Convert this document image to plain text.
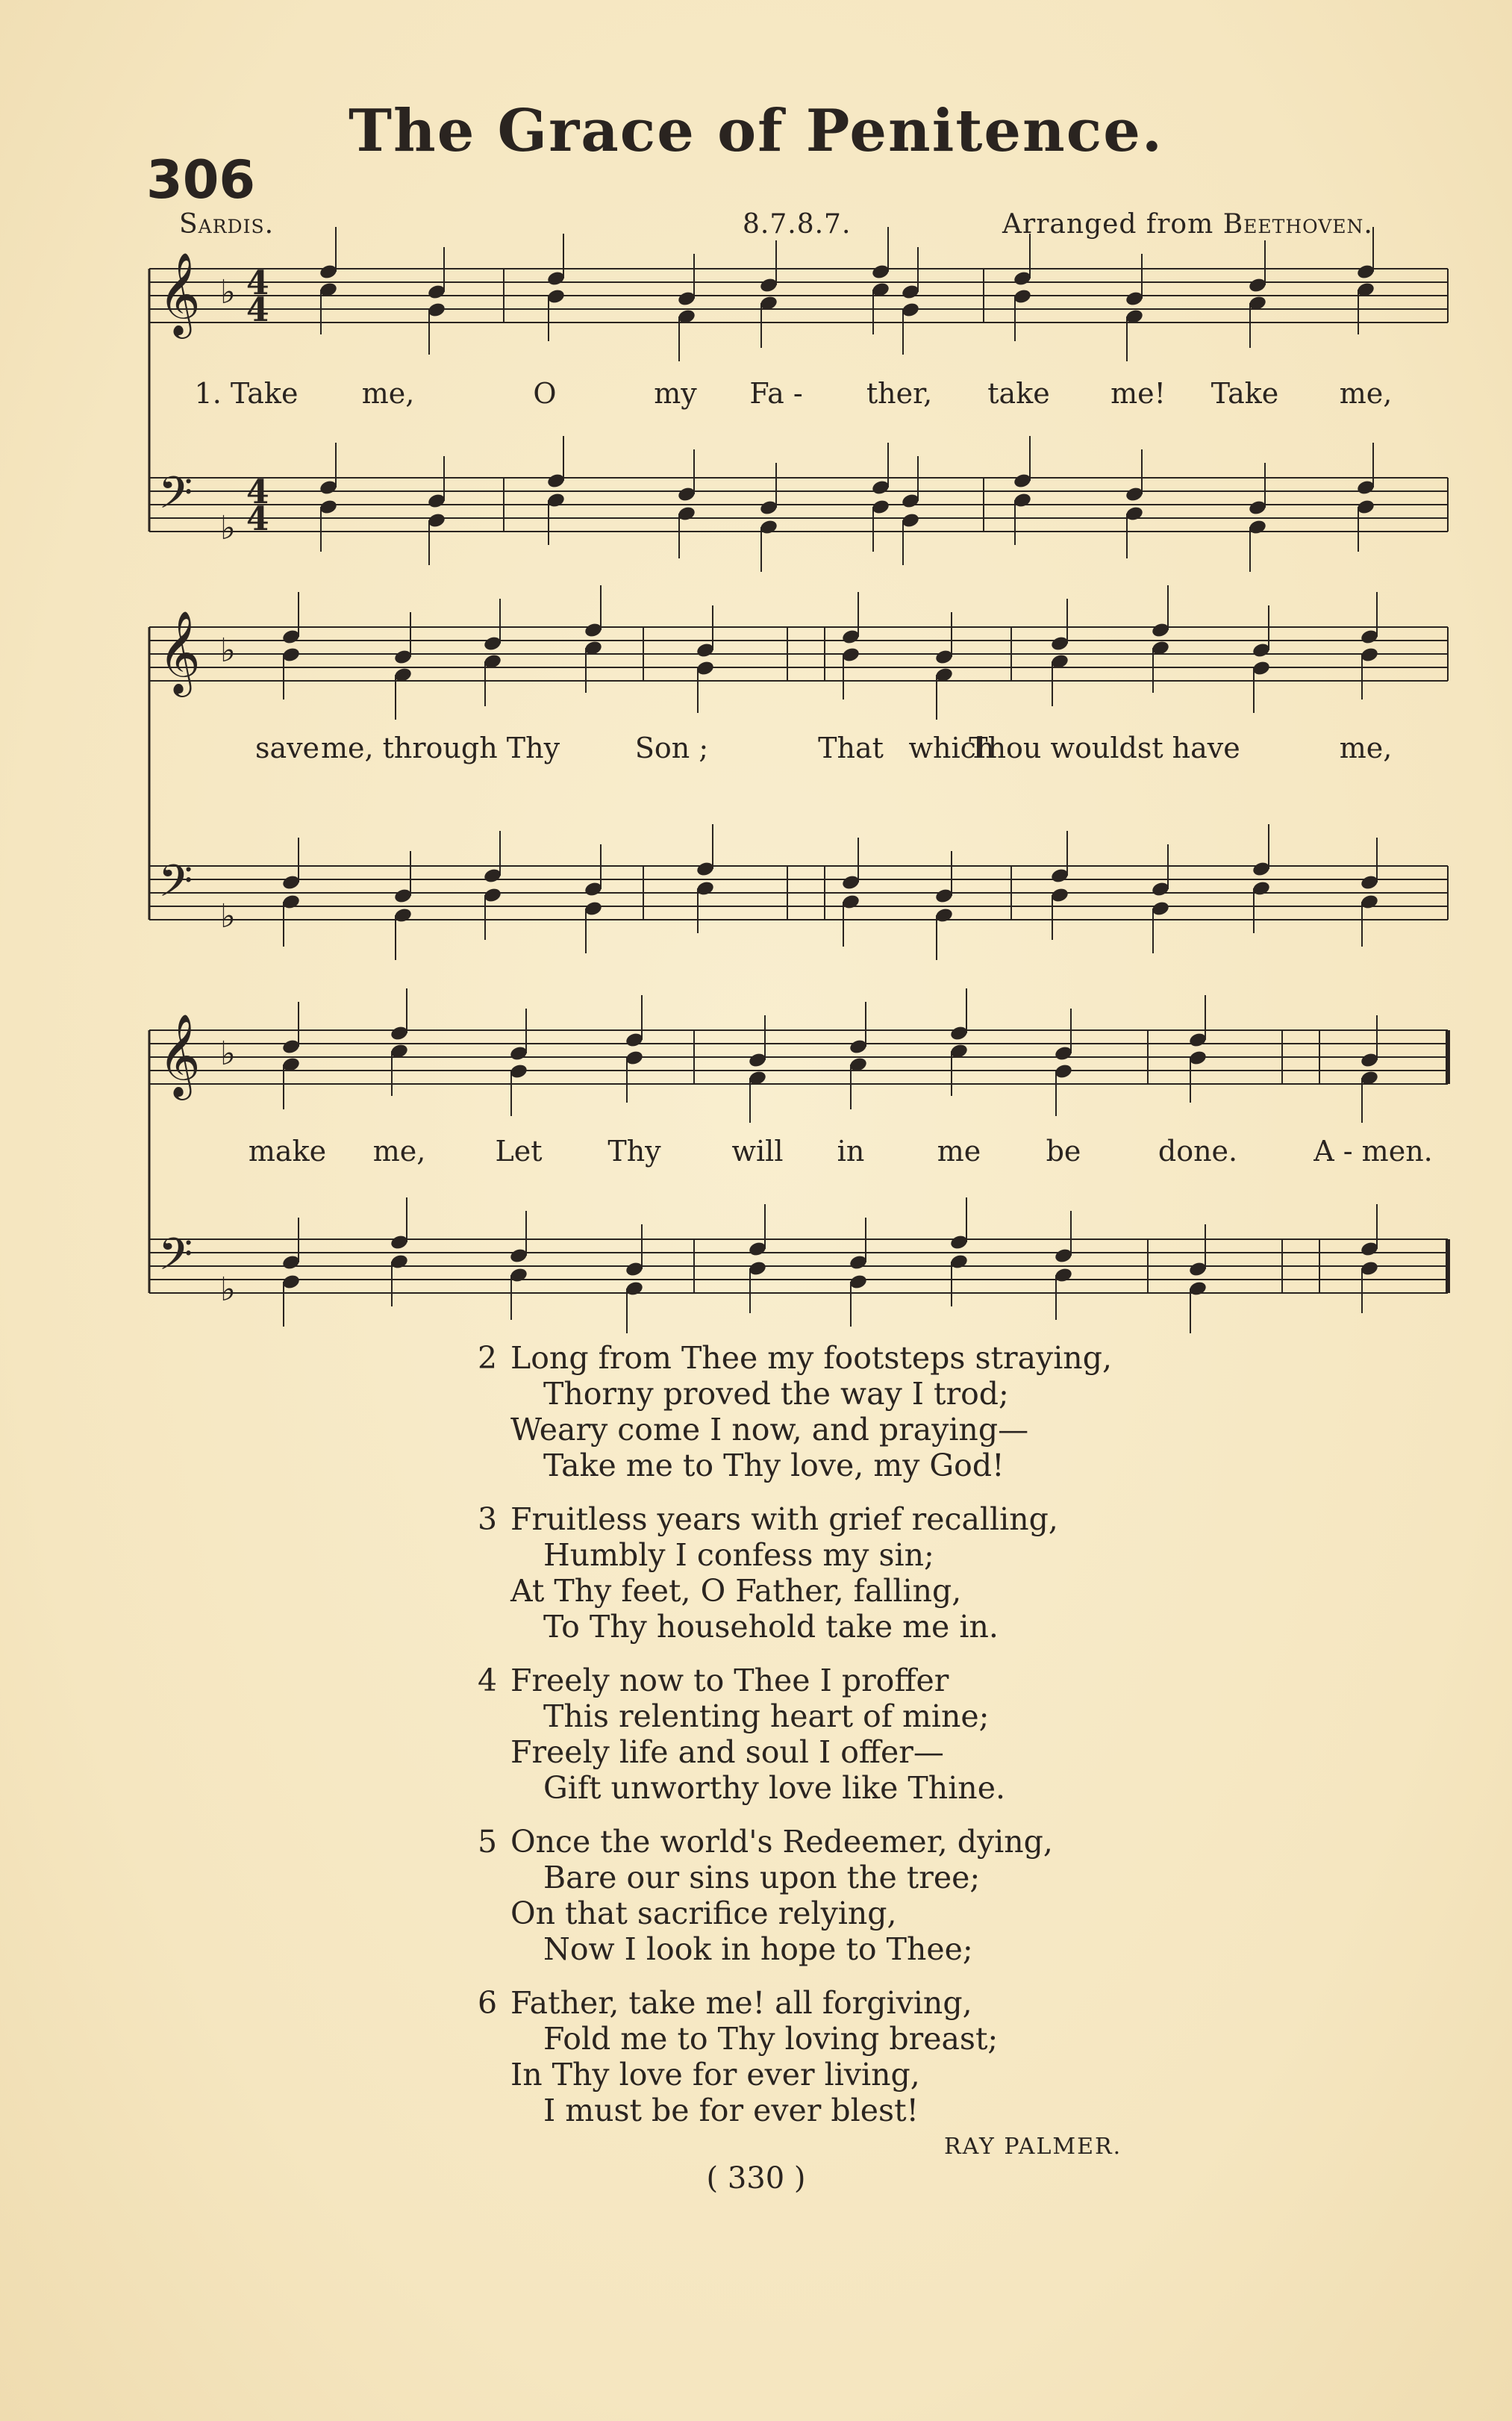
The Grace of Penitence.
306
Sardis.	8.7.8.7.	Arranged from Beethoven.
𝄞 ♭ 4
4
𝄢 ♭
4
4
1. Take me,	O	my Fa - ther, take me! Take me,
𝄞 ♭
𝄢 ♭
save me, through Thy	Son ;	That which
Thou wouldst have	me,
𝄞 ♭
𝄢 ♭
make me, Let Thy will in	me be	done.	A - men.
2 Long from Thee my footsteps straying,
Thorny proved the way I trod;
Weary come I now, and praying—
Take me to Thy love, my God!
3 Fruitless years with grief recalling,
Humbly I confess my sin;
At Thy feet, O Father, falling,
To Thy household take me in.
4 Freely now to Thee I proffer
This relenting heart of mine;
Freely life and soul I offer—
Gift unworthy love like Thine.
5 Once the world's Redeemer, dying,
Bare our sins upon the tree;
On that sacrifice relying,
Now I look in hope to Thee;
6 Father, take me! all forgiving,
Fold me to Thy loving breast;
In Thy love for ever living,
I must be for ever blest!
RAY PALMER.
( 330 )
